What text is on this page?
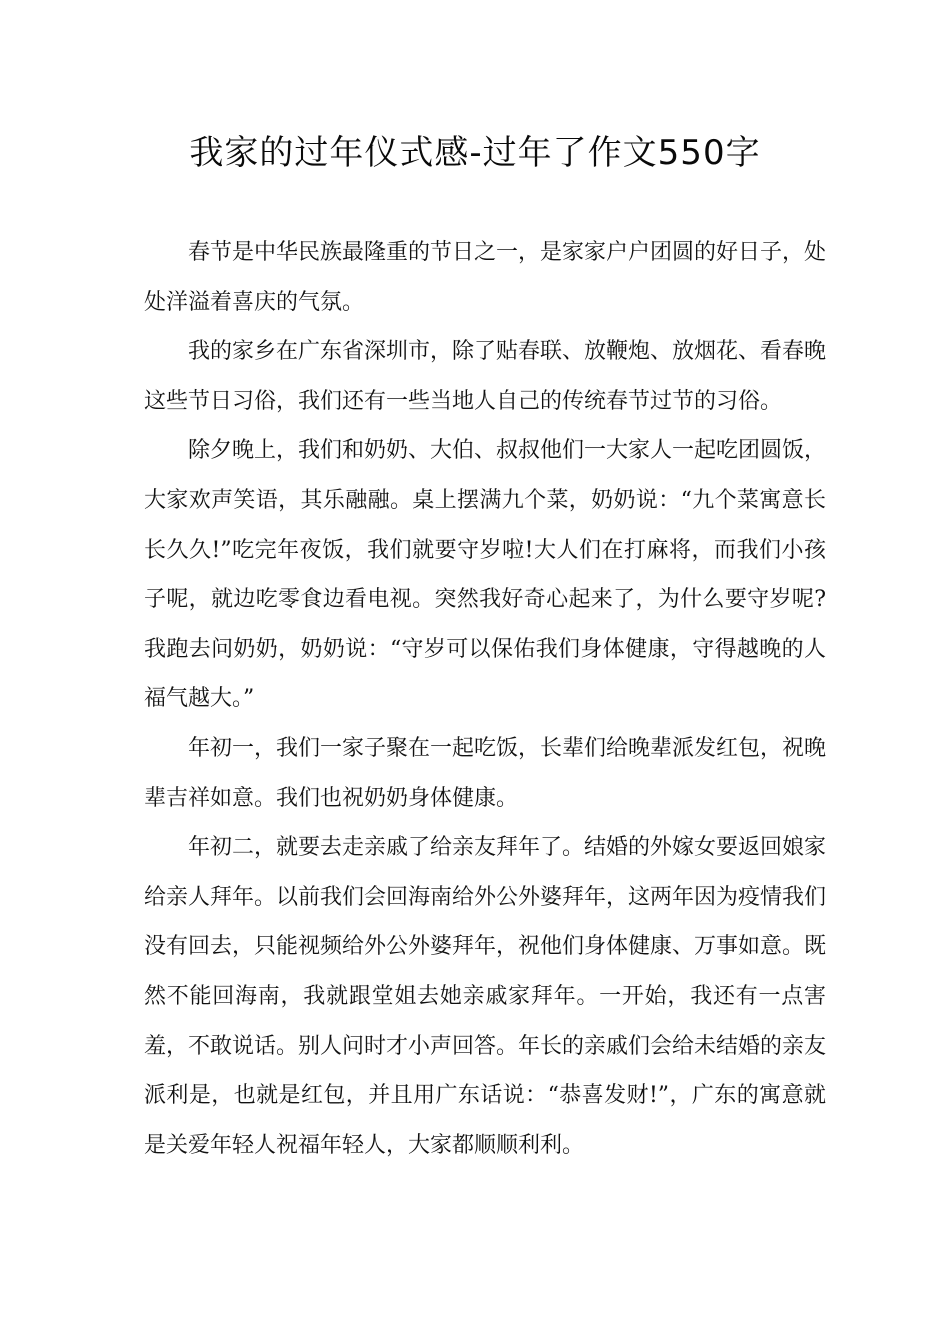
我家的过年仪式感-过年了作文550字

春节是中华民族最隆重的节日之一，是家家户户团圆的好日子，处处洋溢着喜庆的气氛。

我的家乡在广东省深圳市，除了贴春联、放鞭炮、放烟花、看春晚这些节日习俗，我们还有一些当地人自己的传统春节过节的习俗。

除夕晚上，我们和奶奶、大伯、叔叔他们一大家人一起吃团圆饭，大家欢声笑语，其乐融融。桌上摆满九个菜，奶奶说：“九个菜寓意长长久久!”吃完年夜饭，我们就要守岁啦!大人们在打麻将，而我们小孩子呢，就边吃零食边看电视。突然我好奇心起来了，为什么要守岁呢?我跑去问奶奶，奶奶说：“守岁可以保佑我们身体健康，守得越晚的人福气越大。”

年初一，我们一家子聚在一起吃饭，长辈们给晚辈派发红包，祝晚辈吉祥如意。我们也祝奶奶身体健康。

年初二，就要去走亲戚了给亲友拜年了。结婚的外嫁女要返回娘家给亲人拜年。以前我们会回海南给外公外婆拜年，这两年因为疫情我们没有回去，只能视频给外公外婆拜年，祝他们身体健康、万事如意。既然不能回海南，我就跟堂姐去她亲戚家拜年。一开始，我还有一点害羞，不敢说话。别人问时才小声回答。年长的亲戚们会给未结婚的亲友派利是，也就是红包，并且用广东话说：“恭喜发财!”，广东的寓意就是关爱年轻人祝福年轻人，大家都顺顺利利。
